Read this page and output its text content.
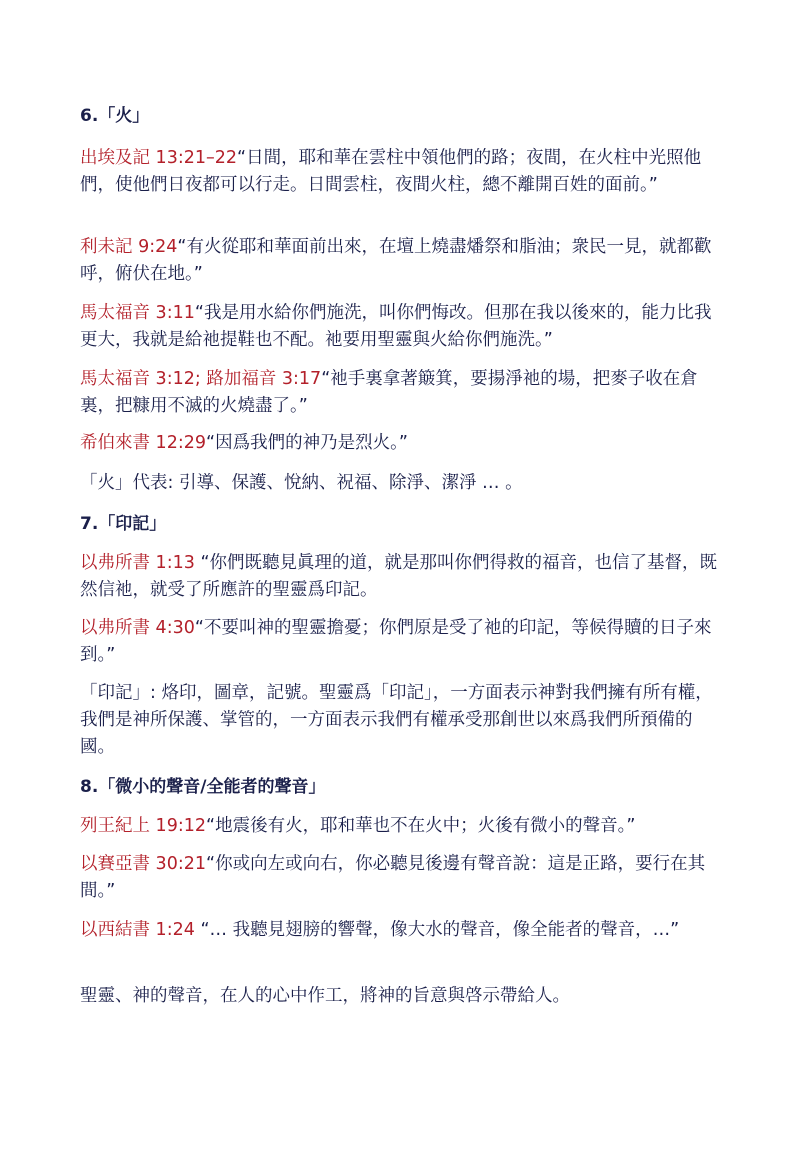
6.「火」
出埃及記 13:21–22“日間，耶和華在雲柱中領他們的路；夜間，在火柱中光照他們，使他們日夜都可以行走。日間雲柱，夜間火柱，總不離開百姓的面前。”
利未記 9:24“有火從耶和華面前出來，在壇上燒盡燔祭和脂油；衆民一見，就都歡呼，俯伏在地。”
馬太福音 3:11“我是用水給你們施洗，叫你們悔改。但那在我以後來的，能力比我更大，我就是給祂提鞋也不配。祂要用聖靈與火給你們施洗。”
馬太福音 3:12; 路加福音 3:17“祂手裏拿著簸箕，要揚淨祂的場，把麥子收在倉裏，把糠用不滅的火燒盡了。”
希伯來書 12:29“因爲我們的神乃是烈火。”
「火」代表: 引導、保護、悅納、祝福、除淨、潔淨 … 。
7.「印記」
以弗所書 1:13 “你們既聽見眞理的道，就是那叫你們得救的福音，也信了基督，既然信祂，就受了所應許的聖靈爲印記。
以弗所書 4:30“不要叫神的聖靈擔憂；你們原是受了祂的印記，等候得贖的日子來到。”
「印記」: 烙印，圖章，記號。聖靈爲「印記」，一方面表示神對我們擁有所有權，我們是神所保護、掌管的，一方面表示我們有權承受那創世以來爲我們所預備的國。
8.「微小的聲音/全能者的聲音」
列王紀上 19:12“地震後有火，耶和華也不在火中；火後有微小的聲音。”
以賽亞書 30:21“你或向左或向右，你必聽見後邊有聲音說：這是正路，要行在其間。”
以西結書 1:24 “… 我聽見翅膀的響聲，像大水的聲音，像全能者的聲音，…”
聖靈、神的聲音，在人的心中作工，將神的旨意與啓示帶給人。
